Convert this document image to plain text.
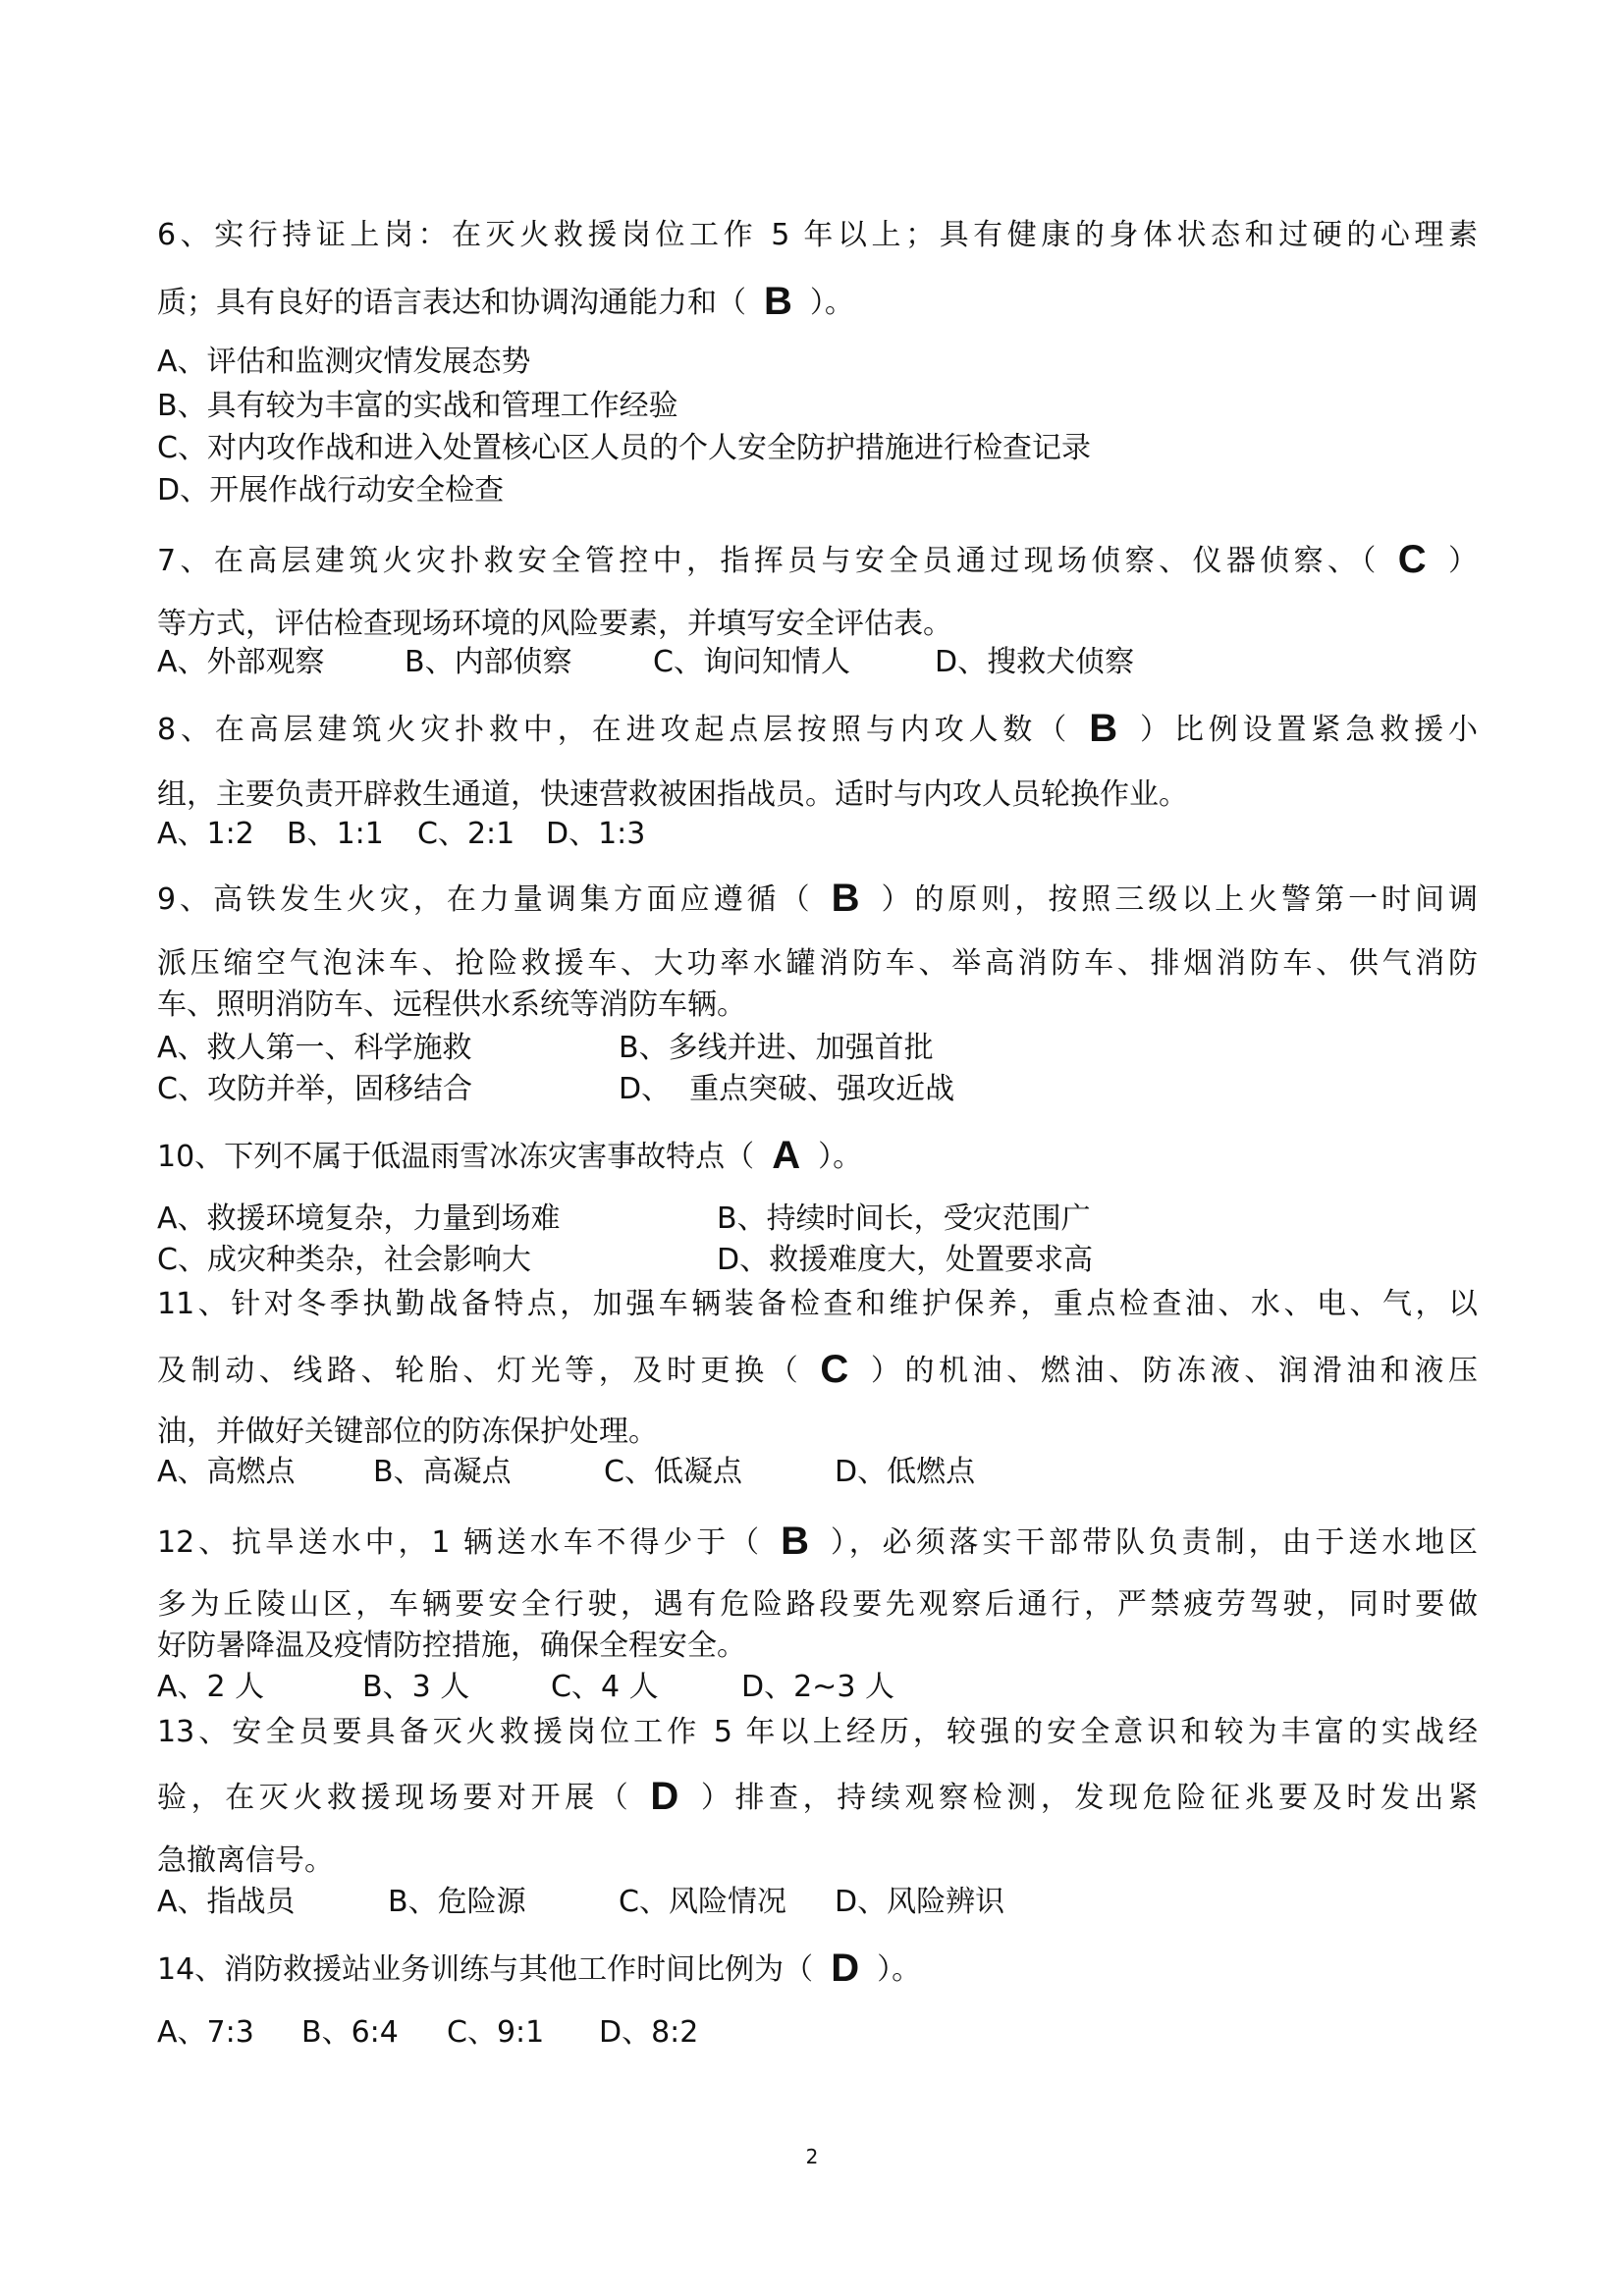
6、实行持证上岗：在灭火救援岗位工作 5 年以上；具有健康的身体状态和过硬的心理素
质；具有良好的语言表达和协调沟通能力和（ B ）。
A、评估和监测灾情发展态势
B、具有较为丰富的实战和管理工作经验
C、对内攻作战和进入处置核心区人员的个人安全防护措施进行检查记录
D、开展作战行动安全检查
7、在高层建筑火灾扑救安全管控中，指挥员与安全员通过现场侦察、仪器侦察、（ C ）
等方式，评估检查现场环境的风险要素，并填写安全评估表。
A、外部观察	B、内部侦察	C、询问知情人	D、搜救犬侦察
8、在高层建筑火灾扑救中，在进攻起点层按照与内攻人数（ B ）比例设置紧急救援小
组，主要负责开辟救生通道，快速营救被困指战员。适时与内攻人员轮换作业。
A、1:2 B、1:1 C、2:1 D、1:3
9、高铁发生火灾，在力量调集方面应遵循（ B ）的原则，按照三级以上火警第一时间调
派压缩空气泡沫车、抢险救援车、大功率水罐消防车、举高消防车、排烟消防车、供气消防
车、照明消防车、远程供水系统等消防车辆。
A、救人第一、科学施救	B、多线并进、加强首批
C、攻防并举，固移结合	D、  重点突破、强攻近战
10、下列不属于低温雨雪冰冻灾害事故特点（ A ）。
A、救援环境复杂，力量到场难	B、持续时间长，受灾范围广
C、成灾种类杂，社会影响大	D、救援难度大，处置要求高
11、针对冬季执勤战备特点，加强车辆装备检查和维护保养，重点检查油、水、电、气，以
及制动、线路、轮胎、灯光等，及时更换（ C ）的机油、燃油、防冻液、润滑油和液压
油，并做好关键部位的防冻保护处理。
A、高燃点	B、高凝点	C、低凝点	D、低燃点
12、抗旱送水中，1 辆送水车不得少于（ B ），必须落实干部带队负责制，由于送水地区
多为丘陵山区，车辆要安全行驶，遇有危险路段要先观察后通行，严禁疲劳驾驶，同时要做
好防暑降温及疫情防控措施，确保全程安全。
A、2 人	B、3 人	C、4 人	D、2~3 人
13、安全员要具备灭火救援岗位工作 5 年以上经历，较强的安全意识和较为丰富的实战经
验，在灭火救援现场要对开展（ D ）排查，持续观察检测，发现危险征兆要及时发出紧
急撤离信号。
A、指战员	B、危险源	C、风险情况 D、风险辨识
14、消防救援站业务训练与其他工作时间比例为（ D ）。
A、7:3 B、6:4 C、9:1 D、8:2
2
